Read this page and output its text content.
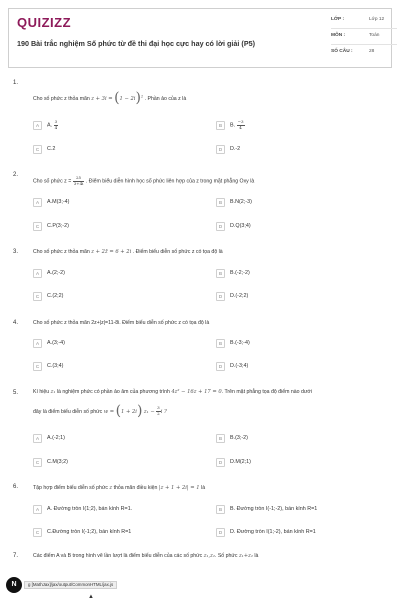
QUIZIZZ
190 Bài trắc nghiệm Số phức từ đề thi đại học cực hay có lời giải (P5)
LỚP :	Lớp 12
MÔN :	Toán
SỐ CÂU :	28
1.
Cho số phức z thỏa mãn $z + 3i = (1 - 2i)^2$ . Phần ảo của z là
A	A. $\frac{3}{4}$	B	B. $\frac{-3}{4}$
C	C.2	D	D.-2
2.
Cho số phức $z = \frac{25}{3+4i}$ . Điểm biểu diễn hình học số phức liên hợp của z trong mặt phẳng Oxy là
A	A.M(3;-4)	B	B.N(2;-3)
C	C.P(3;-2)	D	D.Q(3;4)
3.	Cho số phức z thỏa mãn z + 2z̄ = 6 + 2i . Điểm biểu diễn số phức z có tọa độ là
A	A.(2;-2)	B	B.(-2;-2)
C	C.(2;2)	D	D.(-2;2)
4.	Cho số phức z thỏa mãn 2z+|z|=11-8i. Điểm biểu diễn số phức z có tọa độ là
A	A.(3;-4)	B	B.(-3;-4)
C	C.(3;4)	D	D.(-3;4)
5.	Kí hiệu z₁ là nghiệm phức có phần ảo âm của phương trình 4z² − 16z + 17 = 0. Trên mặt phẳng tọa độ điểm nào dưới
đây là điểm biểu diễn số phức w = (1 + 2i) $z_1 - \frac{3}{2}$ i ?
A	A.(-2;1)	B	B.(3;-2)
C	C.M(3;2)	D	D.M(2;1)
6.	Tập hợp điểm biểu diễn số phức z thỏa mãn điều kiện |z + 1 + 2i| = 1 là
A	A. Đường tròn I(1;2), bán kính R=1.	B	B. Đường tròn I(-1;-2), bán kính R=1
C	C.Đường tròn I(-1;2), bán kính R=1	D	D. Đường tròn I(1;-2), bán kính R=1
7.	Các điểm A và B trong hình vẽ lần lượt là điểm biểu diễn của các số phức z₁,z₂. Số phức z₁+z₂ là
N	g [MathJax]/jax/output/CommonHTML/jax.js
▲
